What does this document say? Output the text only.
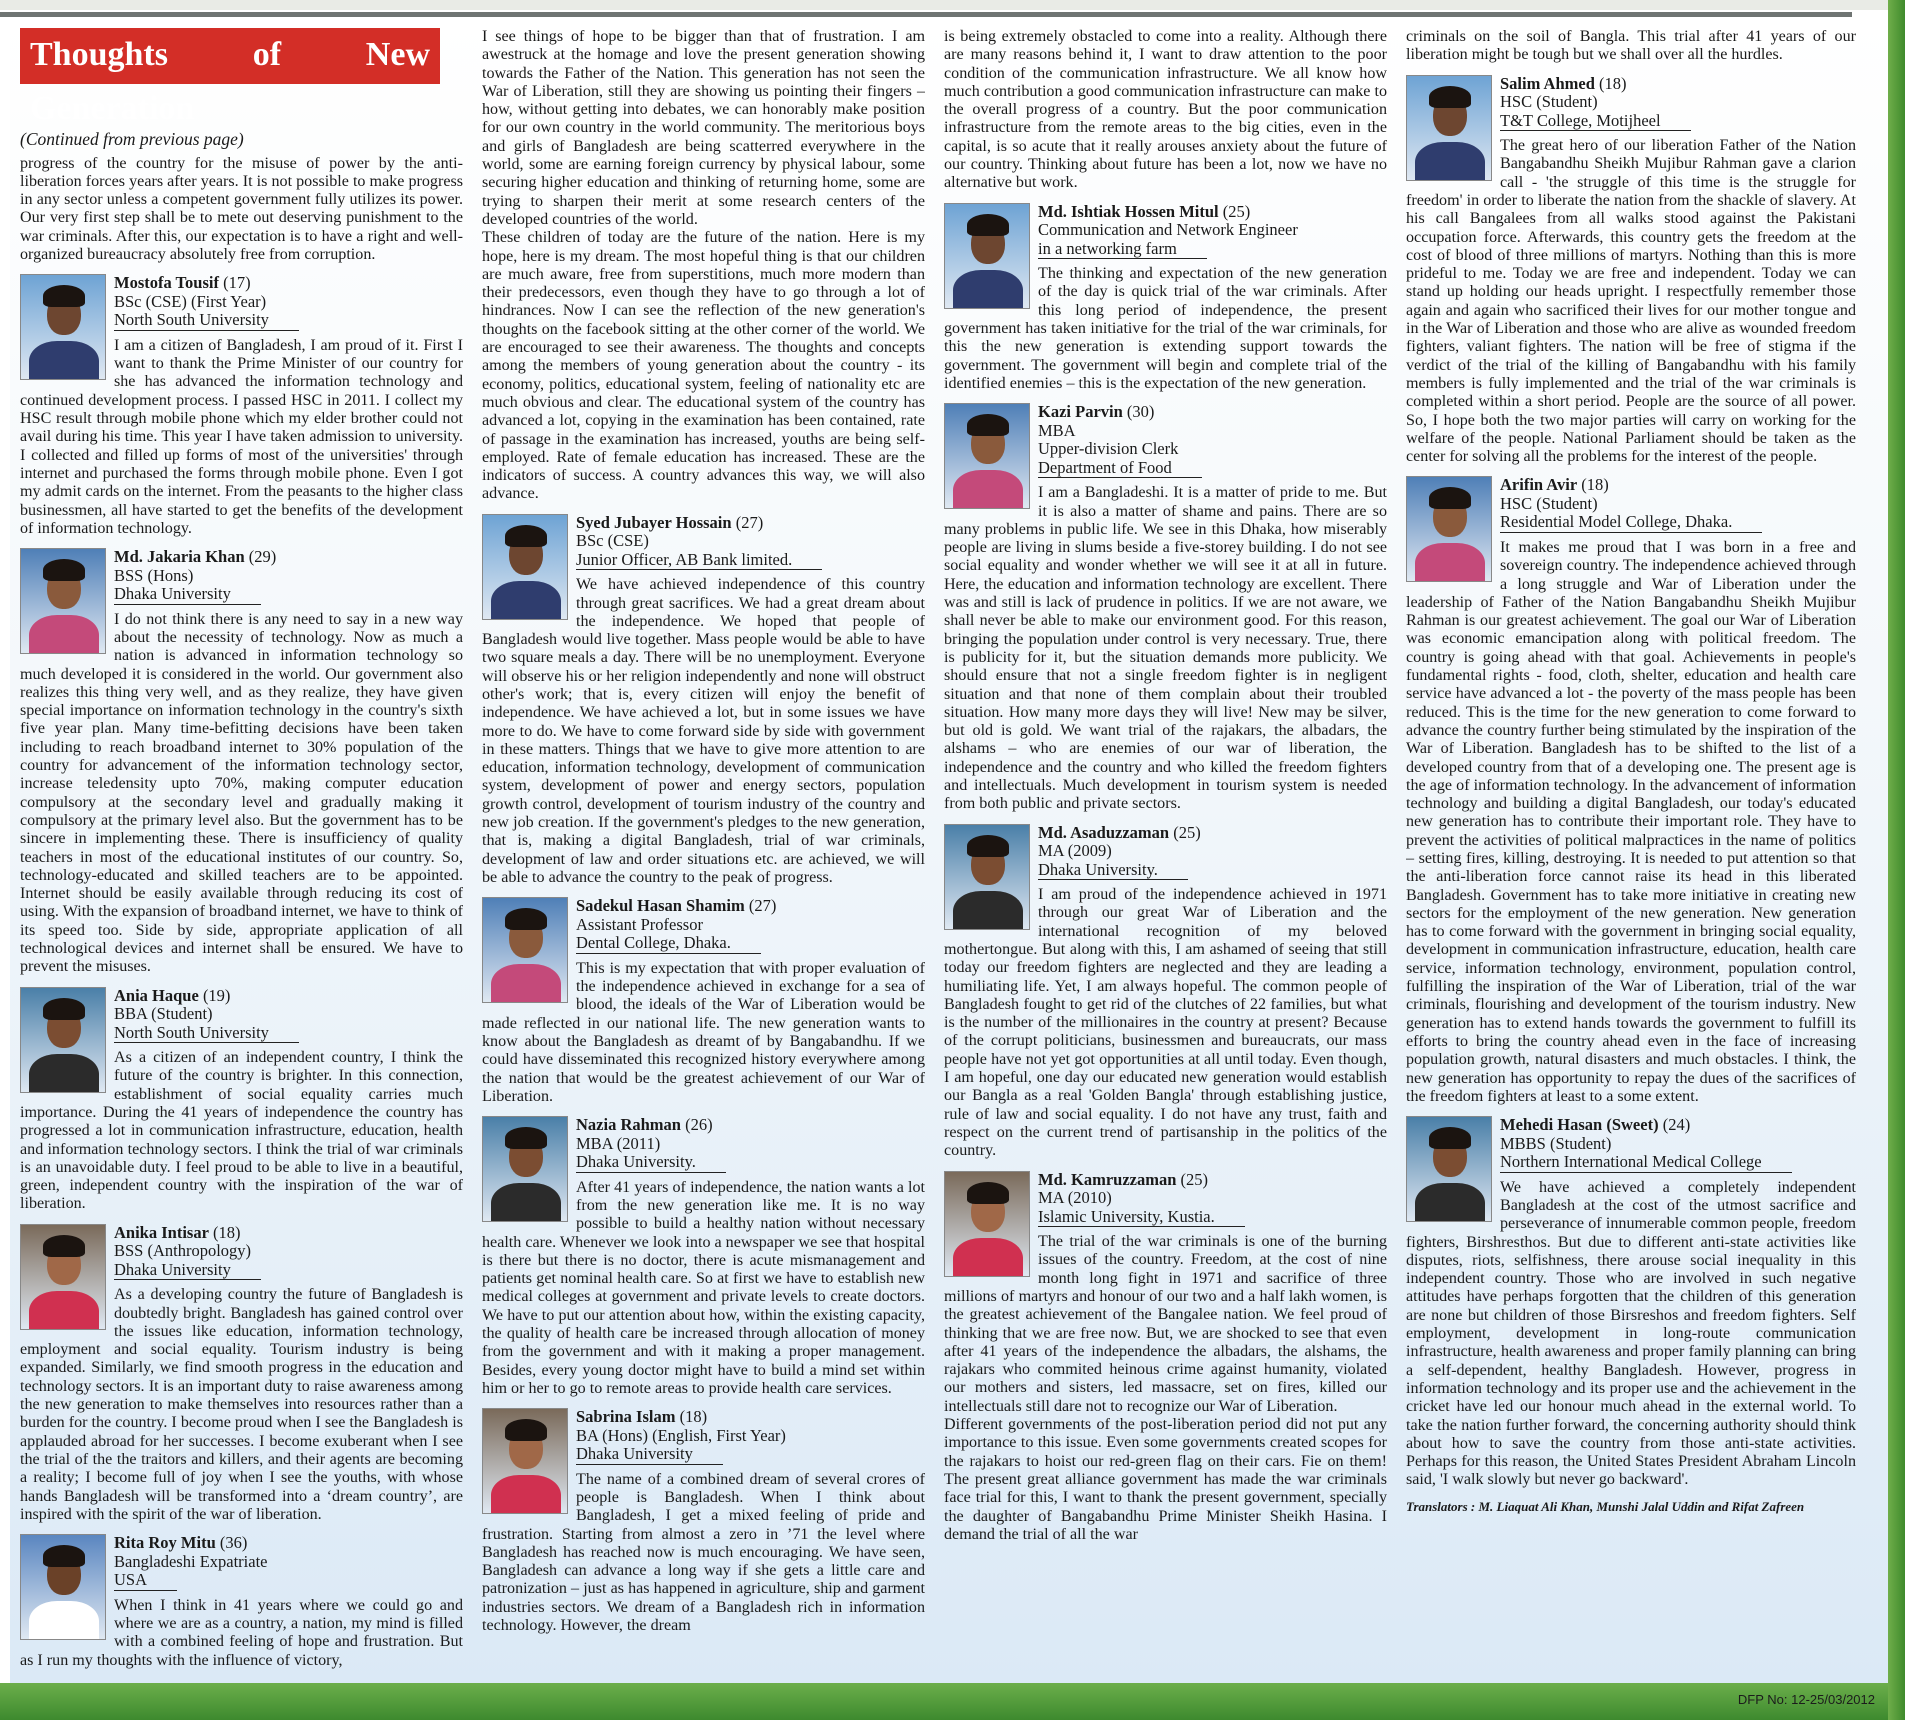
Thoughts of New Generation
(Continued from previous page)

progress of the country for the misuse of power by the anti-liberation forces years after years. It is not possible to make progress in any sector unless a competent government fully utilizes its power. Our very first step shall be to mete out deserving punishment to the war criminals. After this, our expectation is to have a right and well-organized bureaucracy absolutely free from corruption.

Mostofa Tousif (17)
BSc (CSE) (First Year)
North South University

I am a citizen of Bangladesh, I am proud of it. First I want to thank the Prime Minister of our country for she has advanced the information technology and continued development process. I passed HSC in 2011. I collect my HSC result through mobile phone which my elder brother could not avail during his time. This year I have taken admission to university. I collected and filled up forms of most of the universities' through internet and purchased the forms through mobile phone. Even I got my admit cards on the internet. From the peasants to the higher class businessmen, all have started to get the benefits of the development of information technology.

Md. Jakaria Khan (29)
BSS (Hons)
Dhaka University

I do not think there is any need to say in a new way about the necessity of technology. Now as much a nation is advanced in information technology so much developed it is considered in the world. Our government also realizes this thing very well, and as they realize, they have given special importance on information technology in the country's sixth five year plan. Many time-befitting decisions have been taken including to reach broadband internet to 30% population of the country for advancement of the information technology sector, increase teledensity upto 70%, making computer education compulsory at the secondary level and gradually making it compulsory at the primary level also. But the government has to be sincere in implementing these. There is insufficiency of quality teachers in most of the educational institutes of our country. So, technology-educated and skilled teachers are to be appointed. Internet should be easily available through reducing its cost of using. With the expansion of broadband internet, we have to think of its speed too. Side by side, appropriate application of all technological devices and internet shall be ensured. We have to prevent the misuses.

Ania Haque (19)
BBA (Student)
North South University

As a citizen of an independent country, I think the future of the country is brighter. In this connection, establishment of social equality carries much importance. During the 41 years of independence the country has progressed a lot in communication infrastructure, education, health and information technology sectors. I think the trial of war criminals is an unavoidable duty. I feel proud to be able to live in a beautiful, green, independent country with the inspiration of the war of liberation.

Anika Intisar (18)
BSS (Anthropology)
Dhaka University

As a developing country the future of Bangladesh is doubtedly bright. Bangladesh has gained control over the issues like education, information technology, employment and social equality. Tourism industry is being expanded. Similarly, we find smooth progress in the education and technology sectors. It is an important duty to raise awareness among the new generation to make themselves into resources rather than a burden for the country. I become proud when I see the Bangladesh is applauded abroad for her successes. I become exuberant when I see the trial of the the traitors and killers, and their agents are becoming a reality; I become full of joy when I see the youths, with whose hands Bangladesh will be transformed into a ‘dream country’, are inspired with the spirit of the war of liberation.

Rita Roy Mitu (36)
Bangladeshi Expatriate
USA

When I think in 41 years where we could go and where we are as a country, a nation, my mind is filled with a combined feeling of hope and frustration. But as I run my thoughts with the influence of victory,

I see things of hope to be bigger than that of frustration. I am awestruck at the homage and love the present generation showing towards the Father of the Nation. This generation has not seen the War of Liberation, still they are showing us pointing their fingers – how, without getting into debates, we can honorably make position for our own country in the world community. The meritorious boys and girls of Bangladesh are being scatterred everywhere in the world, some are earning foreign currency by physical labour, some securing higher education and thinking of returning home, some are trying to sharpen their merit at some research centers of the developed countries of the world.

These children of today are the future of the nation. Here is my hope, here is my dream. The most hopeful thing is that our children are much aware, free from superstitions, much more modern than their predecessors, even though they have to go through a lot of hindrances. Now I can see the reflection of the new generation's thoughts on the facebook sitting at the other corner of the world. We are encouraged to see their awareness. The thoughts and concepts among the members of young generation about the country - its economy, politics, educational system, feeling of nationality etc are much obvious and clear. The educational system of the country has advanced a lot, copying in the examination has been contained, rate of passage in the examination has increased, youths are being self-employed. Rate of female education has increased. These are the indicators of success. A country advances this way, we will also advance.

Syed Jubayer Hossain (27)
BSc (CSE)
Junior Officer, AB Bank limited.

We have achieved independence of this country through great sacrifices. We had a great dream about the independence. We hoped that people of Bangladesh would live together. Mass people would be able to have two square meals a day. There will be no unemployment. Everyone will observe his or her religion independently and none will obstruct other's work; that is, every citizen will enjoy the benefit of independence. We have achieved a lot, but in some issues we have more to do. We have to come forward side by side with government in these matters. Things that we have to give more attention to are education, information technology, development of communication system, development of power and energy sectors, population growth control, development of tourism industry of the country and new job creation. If the government's pledges to the new generation, that is, making a digital Bangladesh, trial of war criminals, development of law and order situations etc. are achieved, we will be able to advance the country to the peak of progress.

Sadekul Hasan Shamim (27)
Assistant Professor
Dental College, Dhaka.

This is my expectation that with proper evaluation of the independence achieved in exchange for a sea of blood, the ideals of the War of Liberation would be made reflected in our national life. The new generation wants to know about the Bangladesh as dreamt of by Bangabandhu. If we could have disseminated this recognized history everywhere among the nation that would be the greatest achievement of our War of Liberation.

Nazia Rahman (26)
MBA (2011)
Dhaka University.

After 41 years of independence, the nation wants a lot from the new generation like me. It is no way possible to build a healthy nation without necessary health care. Whenever we look into a newspaper we see that hospital is there but there is no doctor, there is acute mismanagement and patients get nominal health care. So at first we have to establish new medical colleges at government and private levels to create doctors. We have to put our attention about how, within the existing capacity, the quality of health care be increased through allocation of money from the government and with it making a proper management. Besides, every young doctor might have to build a mind set within him or her to go to remote areas to provide health care services.

Sabrina Islam (18)
BA (Hons) (English, First Year)
Dhaka University

The name of a combined dream of several crores of people is Bangladesh. When I think about Bangladesh, I get a mixed feeling of pride and frustration. Starting from almost a zero in ’71 the level where Bangladesh has reached now is much encouraging. We have seen, Bangladesh can advance a long way if she gets a little care and patronization – just as has happened in agriculture, ship and garment industries sectors. We dream of a Bangladesh rich in information technology. However, the dream

is being extremely obstacled to come into a reality. Although there are many reasons behind it, I want to draw attention to the poor condition of the communication infrastructure. We all know how much contribution a good communication infrastructure can make to the overall progress of a country. But the poor communication infrastructure from the remote areas to the big cities, even in the capital, is so acute that it really arouses anxiety about the future of our country. Thinking about future has been a lot, now we have no alternative but work.

Md. Ishtiak Hossen Mitul (25)
Communication and Network Engineer
in a networking farm

The thinking and expectation of the new generation of the day is quick trial of the war criminals. After this long period of independence, the present government has taken initiative for the trial of the war criminals, for this the new generation is extending support towards the government. The government will begin and complete trial of the identified enemies – this is the expectation of the new generation.

Kazi Parvin (30)
MBA
Upper-division Clerk
Department of Food

I am a Bangladeshi. It is a matter of pride to me. But it is also a matter of shame and pains. There are so many problems in public life. We see in this Dhaka, how miserably people are living in slums beside a five-storey building. I do not see social equality and wonder whether we will see it at all in future. Here, the education and information technology are excellent. There was and still is lack of prudence in politics. If we are not aware, we shall never be able to make our environment good. For this reason, bringing the population under control is very necessary. True, there is publicity for it, but the situation demands more publicity. We should ensure that not a single freedom fighter is in negligent situation and that none of them complain about their troubled situation. How many more days they will live! New may be silver, but old is gold. We want trial of the rajakars, the albadars, the alshams – who are enemies of our war of liberation, the independence and the country and who killed the freedom fighters and intellectuals. Much development in tourism system is needed from both public and private sectors.

Md. Asaduzzaman (25)
MA (2009)
Dhaka University.

I am proud of the independence achieved in 1971 through our great War of Liberation and the international recognition of my beloved mothertongue. But along with this, I am ashamed of seeing that still today our freedom fighters are neglected and they are leading a humiliating life. Yet, I am always hopeful. The common people of Bangladesh fought to get rid of the clutches of 22 families, but what is the number of the millionaires in the country at present? Because of the corrupt politicians, businessmen and bureaucrats, our mass people have not yet got opportunities at all until today. Even though, I am hopeful, one day our educated new generation would establish our Bangla as a real 'Golden Bangla' through establishing justice, rule of law and social equality. I do not have any trust, faith and respect on the current trend of partisanship in the politics of the country.

Md. Kamruzzaman (25)
MA (2010)
Islamic University, Kustia.

The trial of the war criminals is one of the burning issues of the country. Freedom, at the cost of nine month long fight in 1971 and sacrifice of three millions of martyrs and honour of our two and a half lakh women, is the greatest achievement of the Bangalee nation. We feel proud of thinking that we are free now. But, we are shocked to see that even after 41 years of the independence the albadars, the alshams, the rajakars who commited heinous crime against humanity, violated our mothers and sisters, led massacre, set on fires, killed our intellectuals still dare not to recognize our War of Liberation.

Different governments of the post-liberation period did not put any importance to this issue. Even some governments created scopes for the rajakars to hoist our red-green flag on their cars. Fie on them! The present great alliance government has made the war criminals face trial for this, I want to thank the present government, specially the daughter of Bangabandhu Prime Minister Sheikh Hasina. I demand the trial of all the war

criminals on the soil of Bangla. This trial after 41 years of our liberation might be tough but we shall over all the hurdles.

Salim Ahmed (18)
HSC (Student)
T&T College, Motijheel

The great hero of our liberation Father of the Nation Bangabandhu Sheikh Mujibur Rahman gave a clarion call - 'the struggle of this time is the struggle for freedom' in order to liberate the nation from the shackle of slavery. At his call Bangalees from all walks stood against the Pakistani occupation force. Afterwards, this country gets the freedom at the cost of blood of three millions of martyrs. Nothing than this is more prideful to me. Today we are free and independent. Today we can stand up holding our heads upright. I respectfully remember those again and again who sacrificed their lives for our mother tongue and in the War of Liberation and those who are alive as wounded freedom fighters, valiant fighters. The nation will be free of stigma if the verdict of the trial of the killing of Bangabandhu with his family members is fully implemented and the trial of the war criminals is completed within a short period. People are the source of all power. So, I hope both the two major parties will carry on working for the welfare of the people. National Parliament should be taken as the center for solving all the problems for the interest of the people.

Arifin Avir (18)
HSC (Student)
Residential Model College, Dhaka.

It makes me proud that I was born in a free and sovereign country. The independence achieved through a long struggle and War of Liberation under the leadership of Father of the Nation Bangabandhu Sheikh Mujibur Rahman is our greatest achievement. The goal our War of Liberation was economic emancipation along with political freedom. The country is going ahead with that goal. Achievements in people's fundamental rights - food, cloth, shelter, education and health care service have advanced a lot - the poverty of the mass people has been reduced. This is the time for the new generation to come forward to advance the country further being stimulated by the inspiration of the War of Liberation. Bangladesh has to be shifted to the list of a developed country from that of a developing one. The present age is the age of information technology. In the advancement of information technology and building a digital Bangladesh, our today's educated new generation has to contribute their important role. They have to prevent the activities of political malpractices in the name of politics – setting fires, killing, destroying. It is needed to put attention so that the anti-liberation force cannot raise its head in this liberated Bangladesh. Government has to take more initiative in creating new sectors for the employment of the new generation. New generation has to come forward with the government in bringing social equality, development in communication infrastructure, education, health care service, information technology, environment, population control, fulfilling the inspiration of the War of Liberation, trial of the war criminals, flourishing and development of the tourism industry. New generation has to extend hands towards the government to fulfill its efforts to bring the country ahead even in the face of increasing population growth, natural disasters and much obstacles. I think, the new generation has opportunity to repay the dues of the sacrifices of the freedom fighters at least to a some extent.

Mehedi Hasan (Sweet) (24)
MBBS (Student)
Northern International Medical College

We have achieved a completely independent Bangladesh at the cost of the utmost sacrifice and perseverance of innumerable common people, freedom fighters, Birshresthos. But due to different anti-state activities like disputes, riots, selfishness, there arouse social inequality in this independent country. Those who are involved in such negative attitudes have perhaps forgotten that the children of this generation are none but children of those Birsreshos and freedom fighters. Self employment, development in long-route communication infrastructure, health awareness and proper family planning can bring a self-dependent, healthy Bangladesh. However, progress in information technology and its proper use and the achievement in the cricket have led our honour much ahead in the external world. To take the nation further forward, the concerning authority should think about how to save the country from those anti-state activities. Perhaps for this reason, the United States President Abraham Lincoln said, 'I walk slowly but never go backward'.

Translators : M. Liaquat Ali Khan, Munshi Jalal Uddin and Rifat Zafreen
DFP No: 12-25/03/2012
